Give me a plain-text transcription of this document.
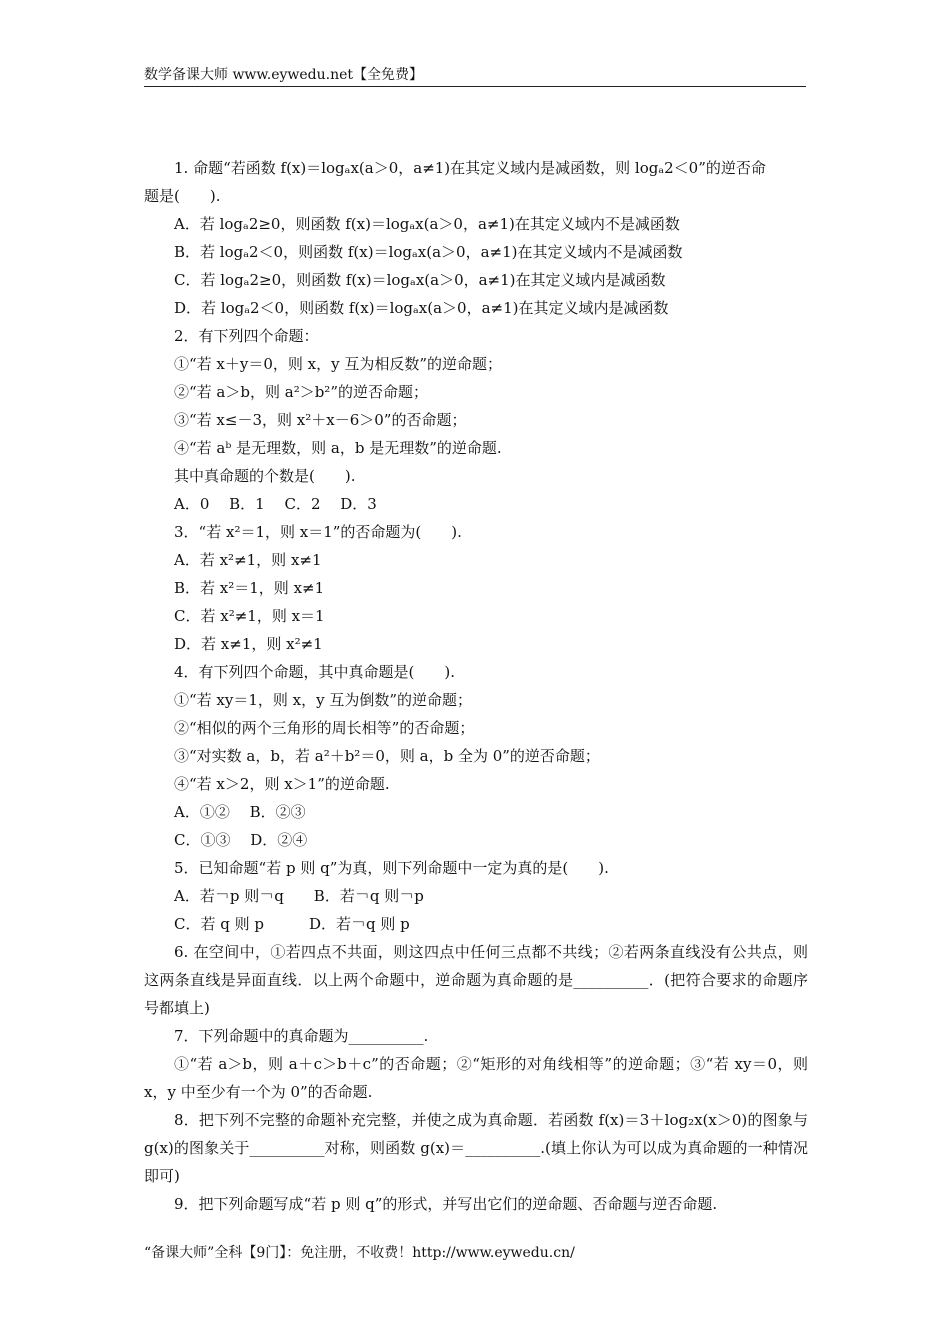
数学备课大师 www.eywedu.net【全免费】

1. 命题“若函数 f(x)＝logₐx(a＞0，a≠1)在其定义域内是减函数，则 logₐ2＜0”的逆否命

题是(　　).

A．若 logₐ2≥0，则函数 f(x)＝logₐx(a＞0，a≠1)在其定义域内不是减函数

B．若 logₐ2＜0，则函数 f(x)＝logₐx(a＞0，a≠1)在其定义域内不是减函数

C．若 logₐ2≥0，则函数 f(x)＝logₐx(a＞0，a≠1)在其定义域内是减函数

D．若 logₐ2＜0，则函数 f(x)＝logₐx(a＞0，a≠1)在其定义域内是减函数

2．有下列四个命题：

①“若 x＋y＝0，则 x，y 互为相反数”的逆命题；

②“若 a＞b，则 a²＞b²”的逆否命题；

③“若 x≤－3，则 x²＋x－6＞0”的否命题；

④“若 aᵇ 是无理数，则 a，b 是无理数”的逆命题.

其中真命题的个数是(　　).

A．0　 B．1　 C．2　 D．3

3．“若 x²＝1，则 x＝1”的否命题为(　　).

A．若 x²≠1，则 x≠1

B．若 x²＝1，则 x≠1

C．若 x²≠1，则 x＝1

D．若 x≠1，则 x²≠1

4．有下列四个命题，其中真命题是(　　).

①“若 xy＝1，则 x，y 互为倒数”的逆命题；

②“相似的两个三角形的周长相等”的否命题；

③“对实数 a，b，若 a²＋b²＝0，则 a，b 全为 0”的逆否命题；

④“若 x＞2，则 x＞1”的逆命题.

A．①②　 B．②③

C．①③　 D．②④

5．已知命题“若 p 则 q”为真，则下列命题中一定为真的是(　　).

A．若￢p 则￢q　　B．若￢q 则￢p

C．若 q 则 p　　　D．若￢q 则 p

6. 在空间中，①若四点不共面，则这四点中任何三点都不共线；②若两条直线没有公共点，则这两条直线是异面直线．以上两个命题中，逆命题为真命题的是__________．(把符合要求的命题序号都填上)

7．下列命题中的真命题为__________.

①“若 a＞b，则 a＋c＞b＋c”的否命题；②“矩形的对角线相等”的逆命题；③“若 xy＝0，则 x，y 中至少有一个为 0”的否命题.

8．把下列不完整的命题补充完整，并使之成为真命题．若函数 f(x)＝3＋log₂x(x＞0)的图象与 g(x)的图象关于__________对称，则函数 g(x)＝__________.(填上你认为可以成为真命题的一种情况即可)

9．把下列命题写成“若 p 则 q”的形式，并写出它们的逆命题、否命题与逆否命题.

“备课大师”全科【9门】：免注册，不收费！http://www.eywedu.cn/
